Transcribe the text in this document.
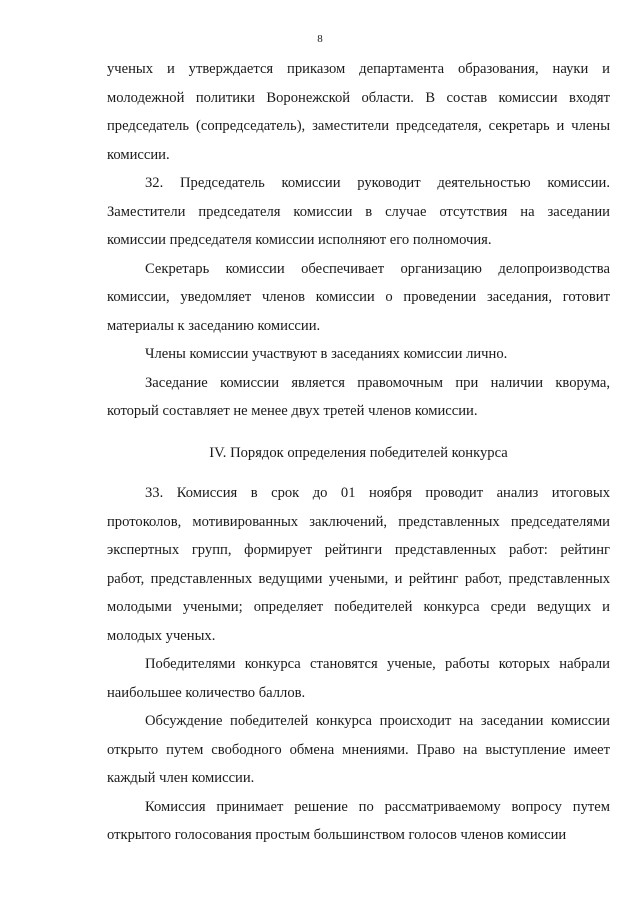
8
ученых и утверждается приказом департамента образования, науки и
молодежной политики Воронежской области. В состав комиссии входят
председатель (сопредседатель), заместители председателя, секретарь и члены
комиссии.
32. Председатель комиссии руководит деятельностью комиссии.
Заместители председателя комиссии в случае отсутствия на заседании
комиссии председателя комиссии исполняют его полномочия.
Секретарь комиссии обеспечивает организацию делопроизводства
комиссии, уведомляет членов комиссии о проведении заседания, готовит
материалы к заседанию комиссии.
Члены комиссии участвуют в заседаниях комиссии лично.
Заседание комиссии является правомочным при наличии кворума,
который составляет не менее двух третей членов комиссии.
IV. Порядок определения победителей конкурса
33. Комиссия в срок до 01 ноября проводит анализ итоговых
протоколов, мотивированных заключений, представленных председателями
экспертных групп, формирует рейтинги представленных работ: рейтинг
работ, представленных ведущими учеными, и рейтинг работ, представленных
молодыми учеными; определяет победителей конкурса среди ведущих и
молодых ученых.
Победителями конкурса становятся ученые, работы которых набрали
наибольшее количество баллов.
Обсуждение победителей конкурса происходит на заседании комиссии
открыто путем свободного обмена мнениями. Право на выступление имеет
каждый член комиссии.
Комиссия принимает решение по рассматриваемому вопросу путем
открытого голосования простым большинством голосов членов комиссии
